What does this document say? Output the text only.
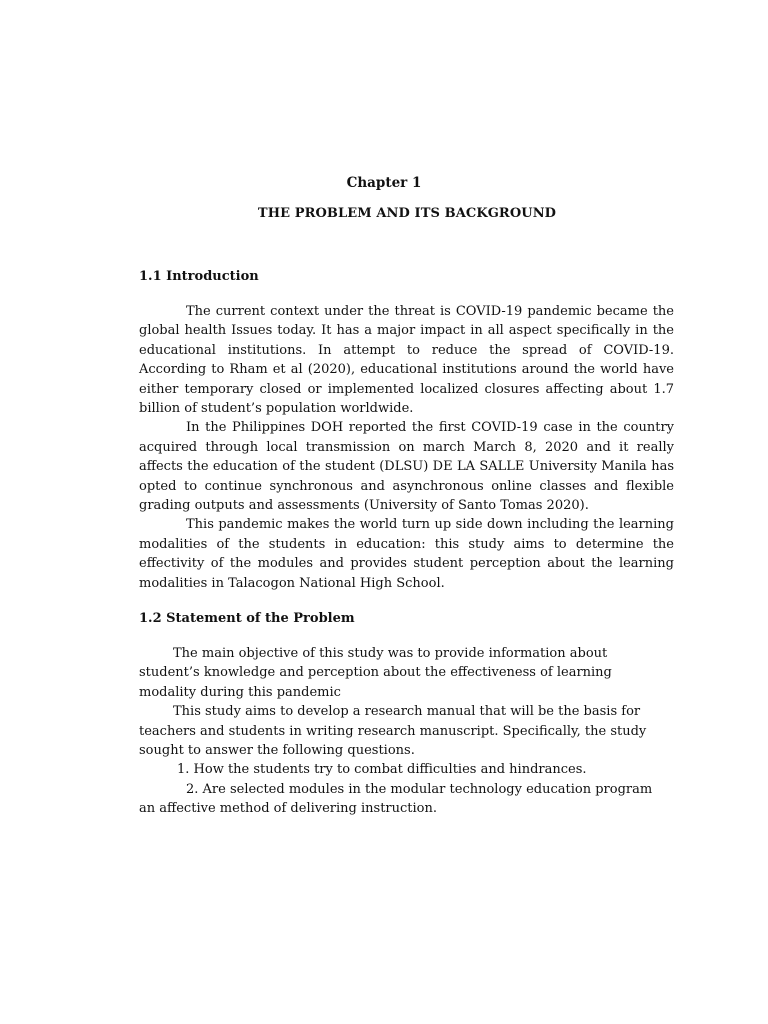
Chapter 1
THE PROBLEM AND ITS BACKGROUND
1.1 Introduction

The current context under the threat is COVID-19 pandemic became the global health Issues today. It has a major impact in all aspect specifically in the educational institutions. In attempt to reduce the spread of COVID-19. According to Rham et al (2020), educational institutions around the world have either temporary closed or implemented localized closures affecting about 1.7 billion of student’s population worldwide.

In the Philippines DOH reported the first COVID-19 case in the country acquired through local transmission on march March 8, 2020 and it really affects the education of the student (DLSU) DE LA SALLE University Manila has opted to continue synchronous and asynchronous online classes and flexible grading outputs and assessments (University of Santo Tomas 2020).

This pandemic makes the world turn up side down including the learning modalities of the students in education: this study aims to determine the effectivity of the modules and provides student perception about the learning modalities in Talacogon National High School.

1.2 Statement of the Problem

The main objective of this study was to provide information about student’s knowledge and perception about the effectiveness of learning modality during this pandemic

This study aims to develop a research manual that will be the basis for teachers and students in writing research manuscript. Specifically, the study sought to answer the following questions.

1. How the students try to combat difficulties and hindrances.

2. Are selected modules in the modular technology education program an affective method of delivering instruction.
